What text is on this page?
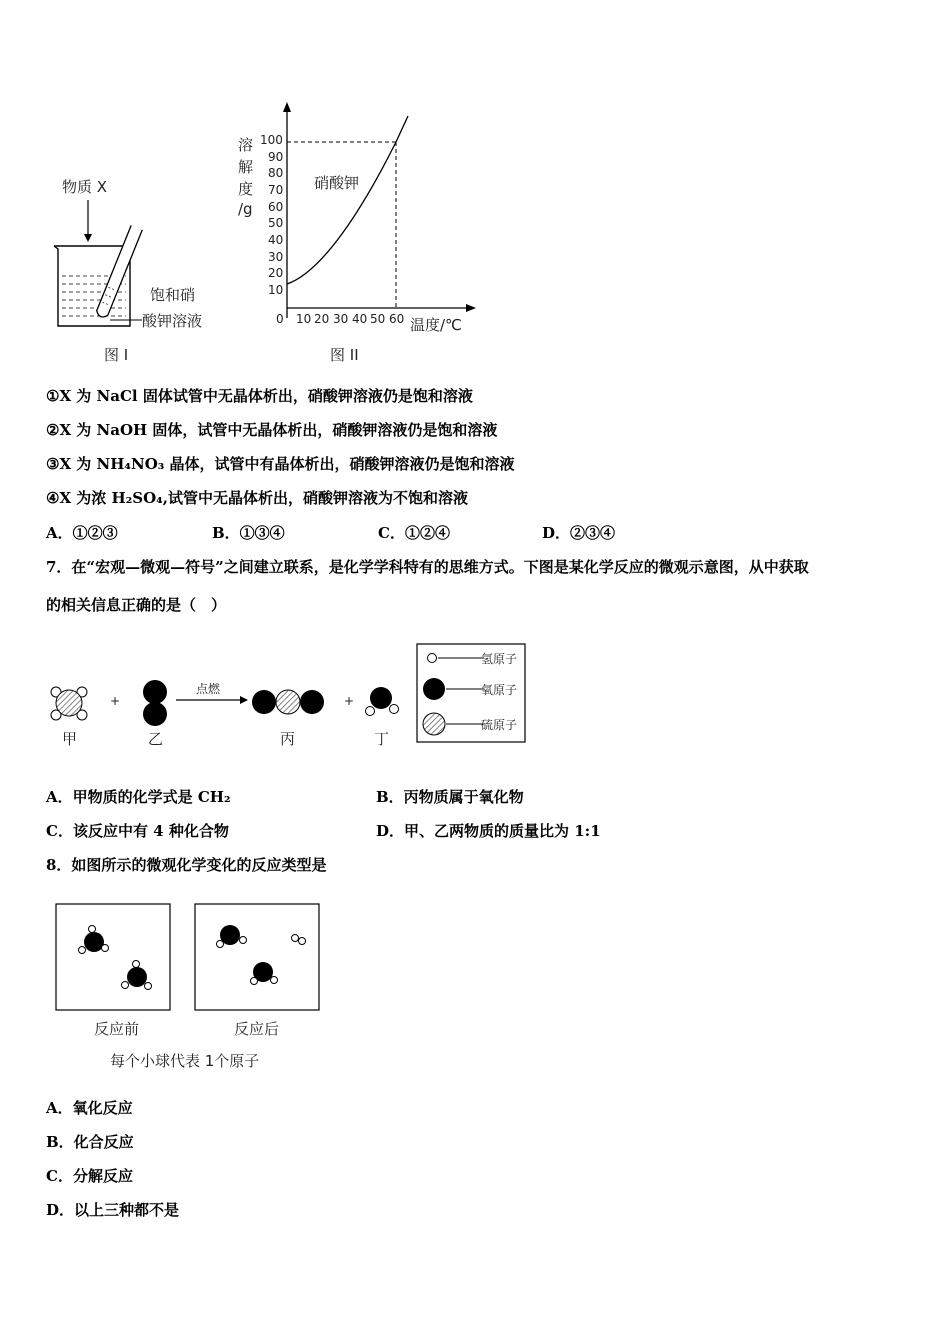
物质 X
饱和硝
酸钾溶液
图 I
溶
解
度
/g
100
90
80
70
60
50
40
30
20
10
硝酸钾
0 10 20 30 40 50 60 温度/℃
图 II
①X 为 NaCl 固体试管中无晶体析出，硝酸钾溶液仍是饱和溶液
②X 为 NaOH 固体，试管中无晶体析出，硝酸钾溶液仍是饱和溶液
③X 为 NH₄NO₃ 晶体，试管中有晶体析出，硝酸钾溶液仍是饱和溶液
④X 为浓 H₂SO₄,试管中无晶体析出，硝酸钾溶液为不饱和溶液
A．①②③	B．①③④	C．①②④	D．②③④
7．在“宏观—微观—符号”之间建立联系，是化学学科特有的思维方式。下图是某化学反应的微观示意图，从中获取
的相关信息正确的是（　）
+	+
点燃
甲	乙	丙	丁
氢原子
氧原子
硫原子
A．甲物质的化学式是 CH₂	B．丙物质属于氧化物
C．该反应中有 4 种化合物	D．甲、乙两物质的质量比为 1:1
8．如图所示的微观化学变化的反应类型是
反应前	反应后
每个小球代表 1个原子
A．氧化反应
B．化合反应
C．分解反应
D．以上三种都不是
